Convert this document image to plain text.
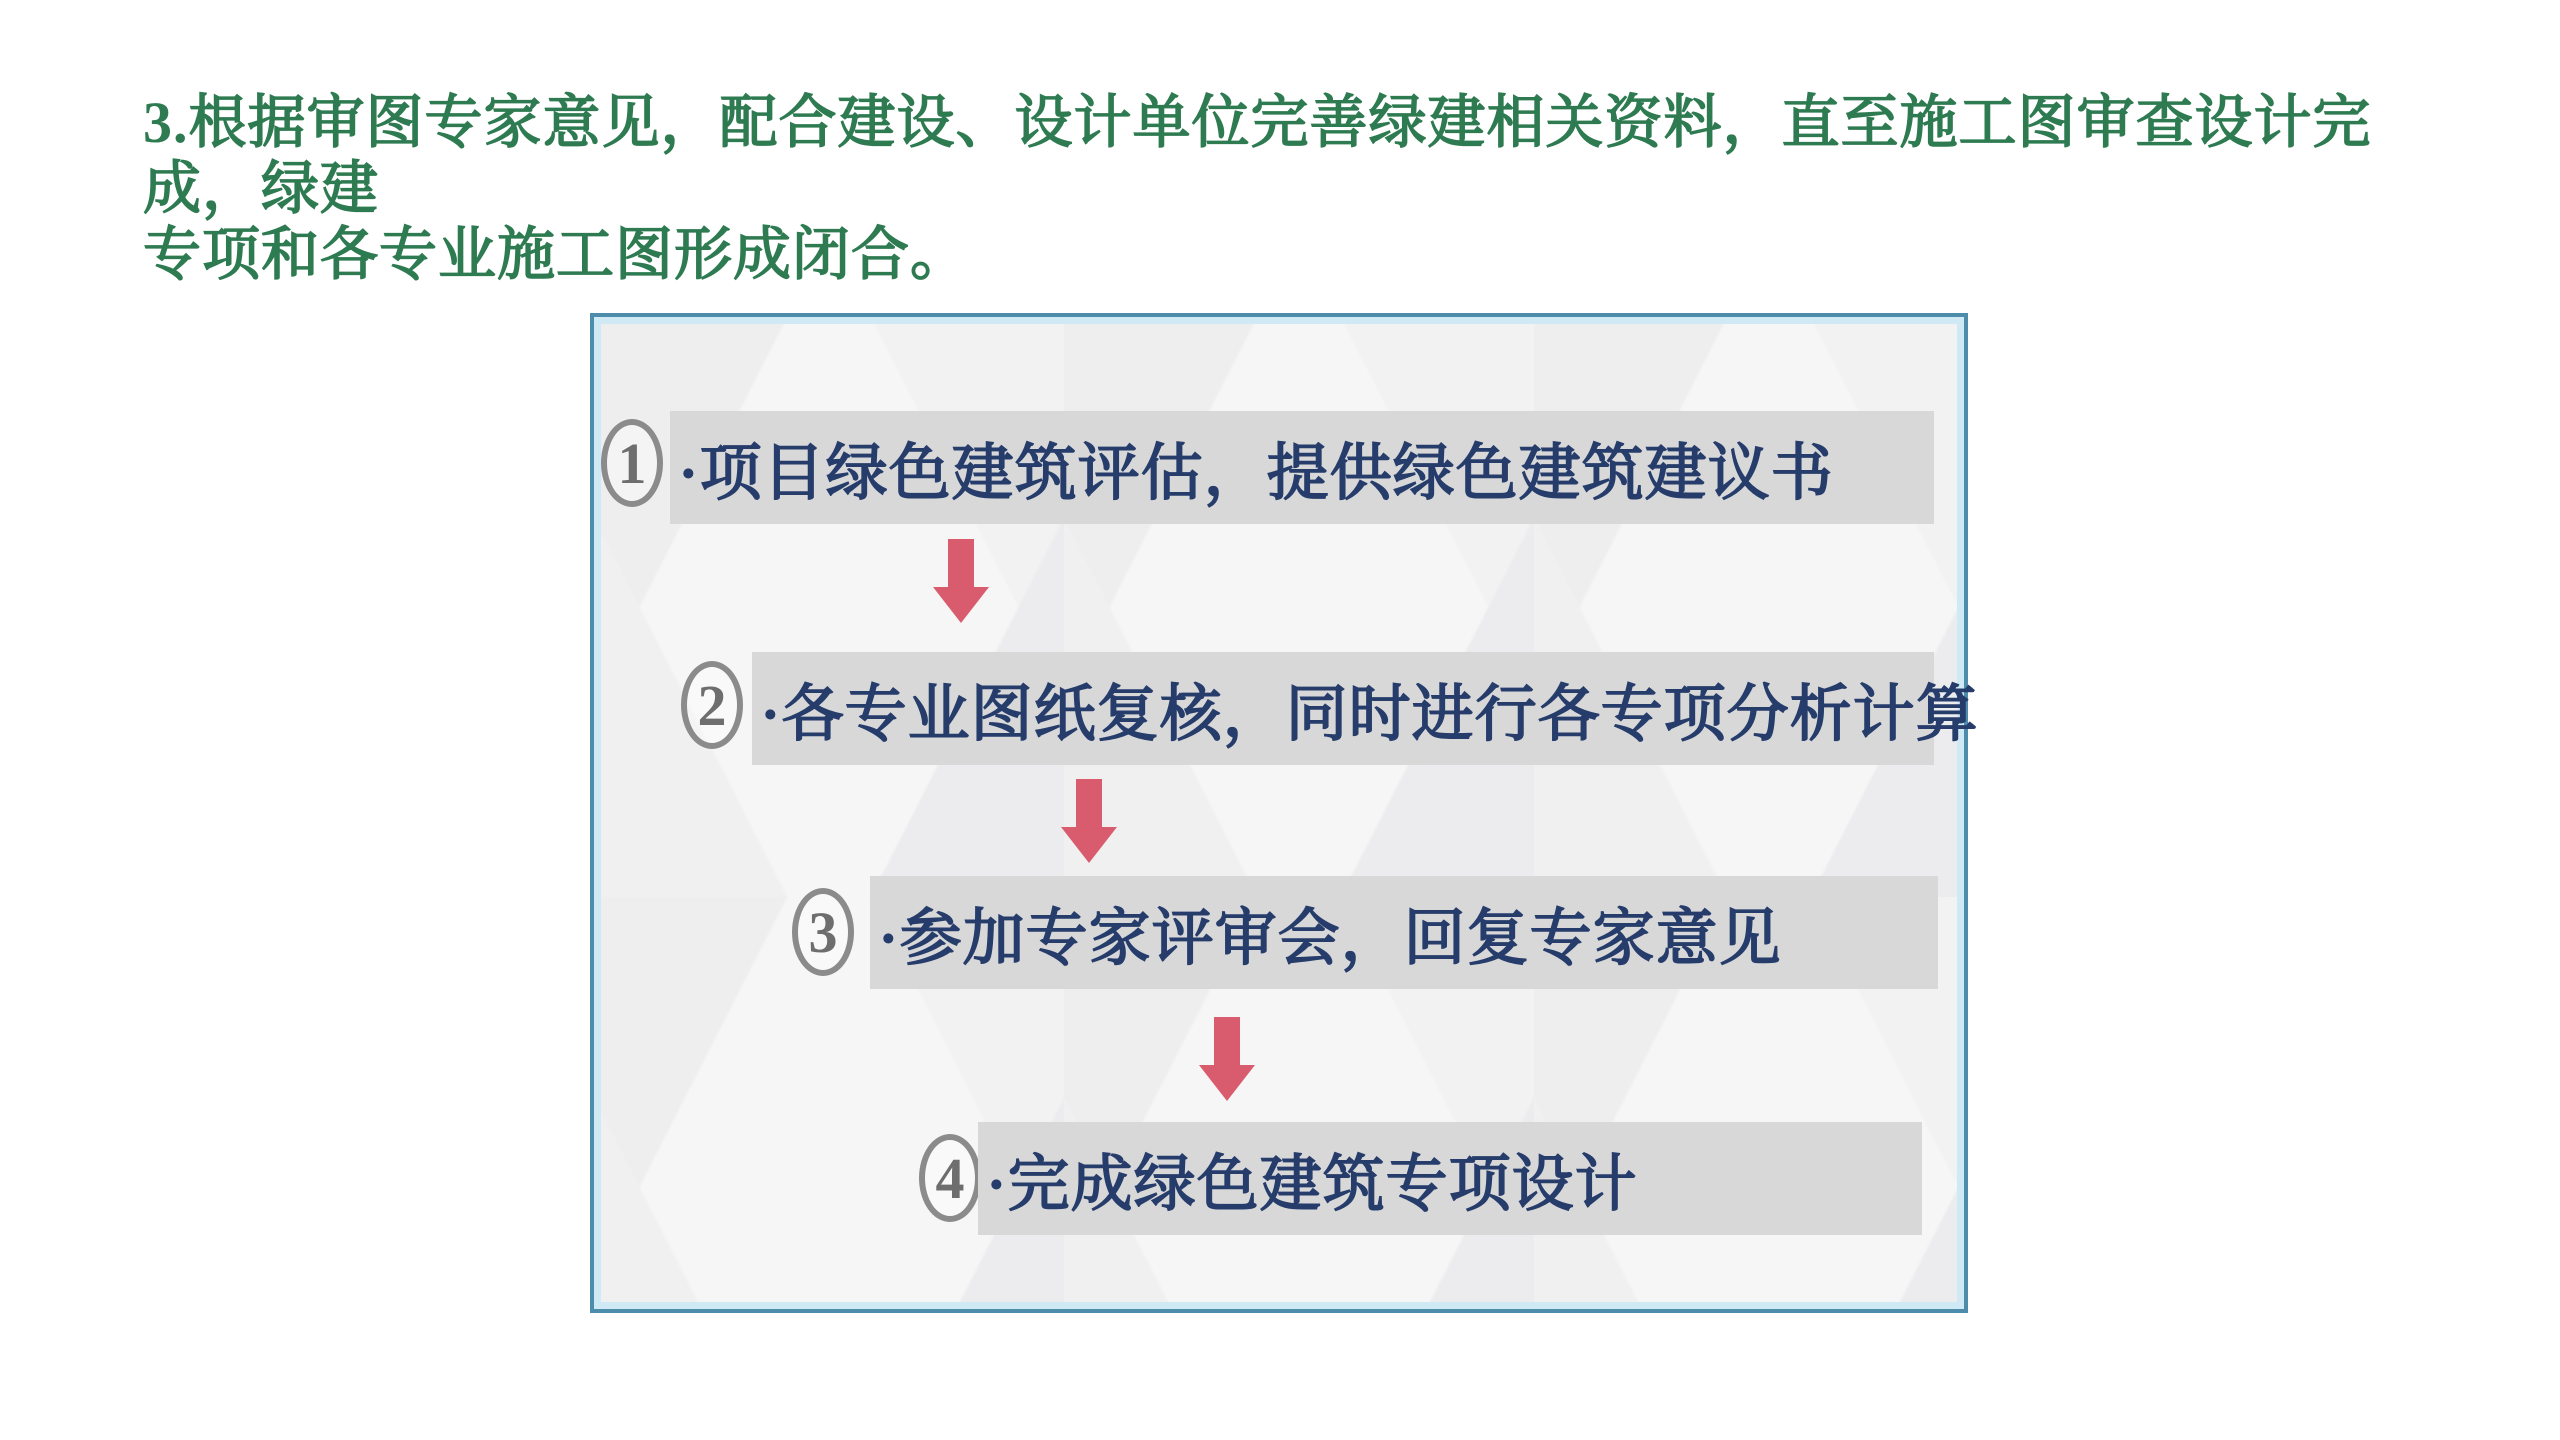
3.根据审图专家意见，配合建设、设计单位完善绿建相关资料，直至施工图审查设计完成，绿建
专项和各专业施工图形成闭合。
1 ·项目绿色建筑评估，提供绿色建筑建议书
2 ·各专业图纸复核，同时进行各专项分析计算
3 ·参加专家评审会，回复专家意见
4 ·完成绿色建筑专项设计
